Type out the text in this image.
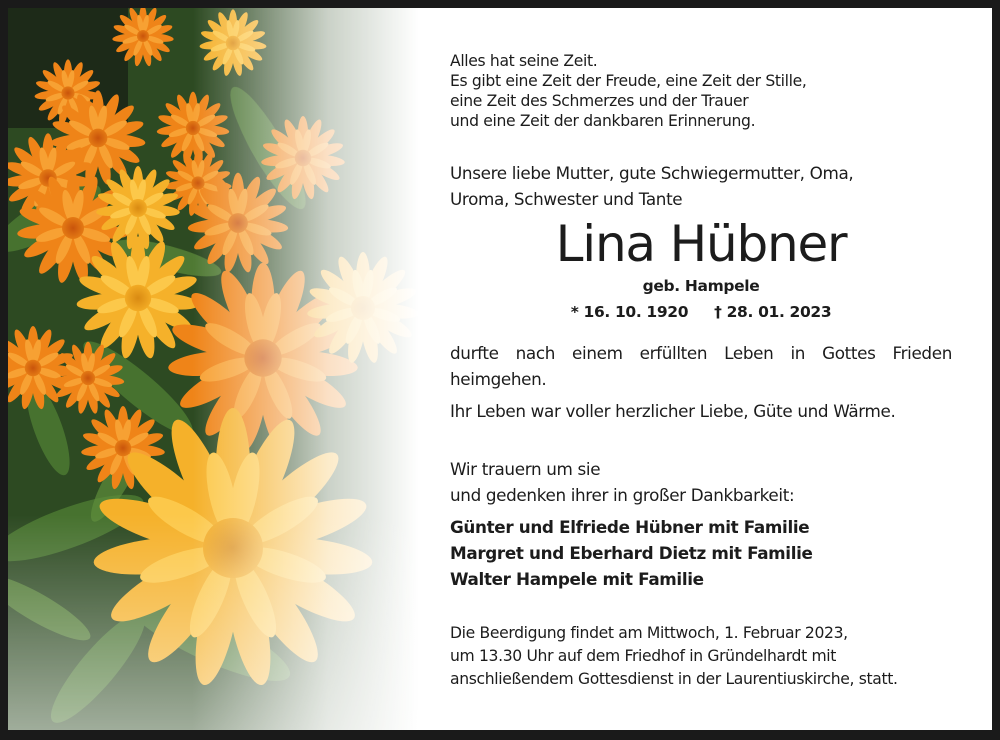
Alles hat seine Zeit.
Es gibt eine Zeit der Freude, eine Zeit der Stille,
eine Zeit des Schmerzes und der Trauer
und eine Zeit der dankbaren Erinnerung.
Unsere liebe Mutter, gute Schwiegermutter, Oma,
Uroma, Schwester und Tante
Lina Hübner
geb. Hampele
* 16. 10. 1920 † 28. 01. 2023
durfte nach einem erfüllten Leben in Gottes Frieden heimgehen.
Ihr Leben war voller herzlicher Liebe, Güte und Wärme.
Wir trauern um sie
und gedenken ihrer in großer Dankbarkeit:
Günter und Elfriede Hübner mit Familie
Margret und Eberhard Dietz mit Familie
Walter Hampele mit Familie
Die Beerdigung findet am Mittwoch, 1. Februar 2023,
um 13.30 Uhr auf dem Friedhof in Gründelhardt mit
anschließendem Gottesdienst in der Laurentiuskirche, statt.
